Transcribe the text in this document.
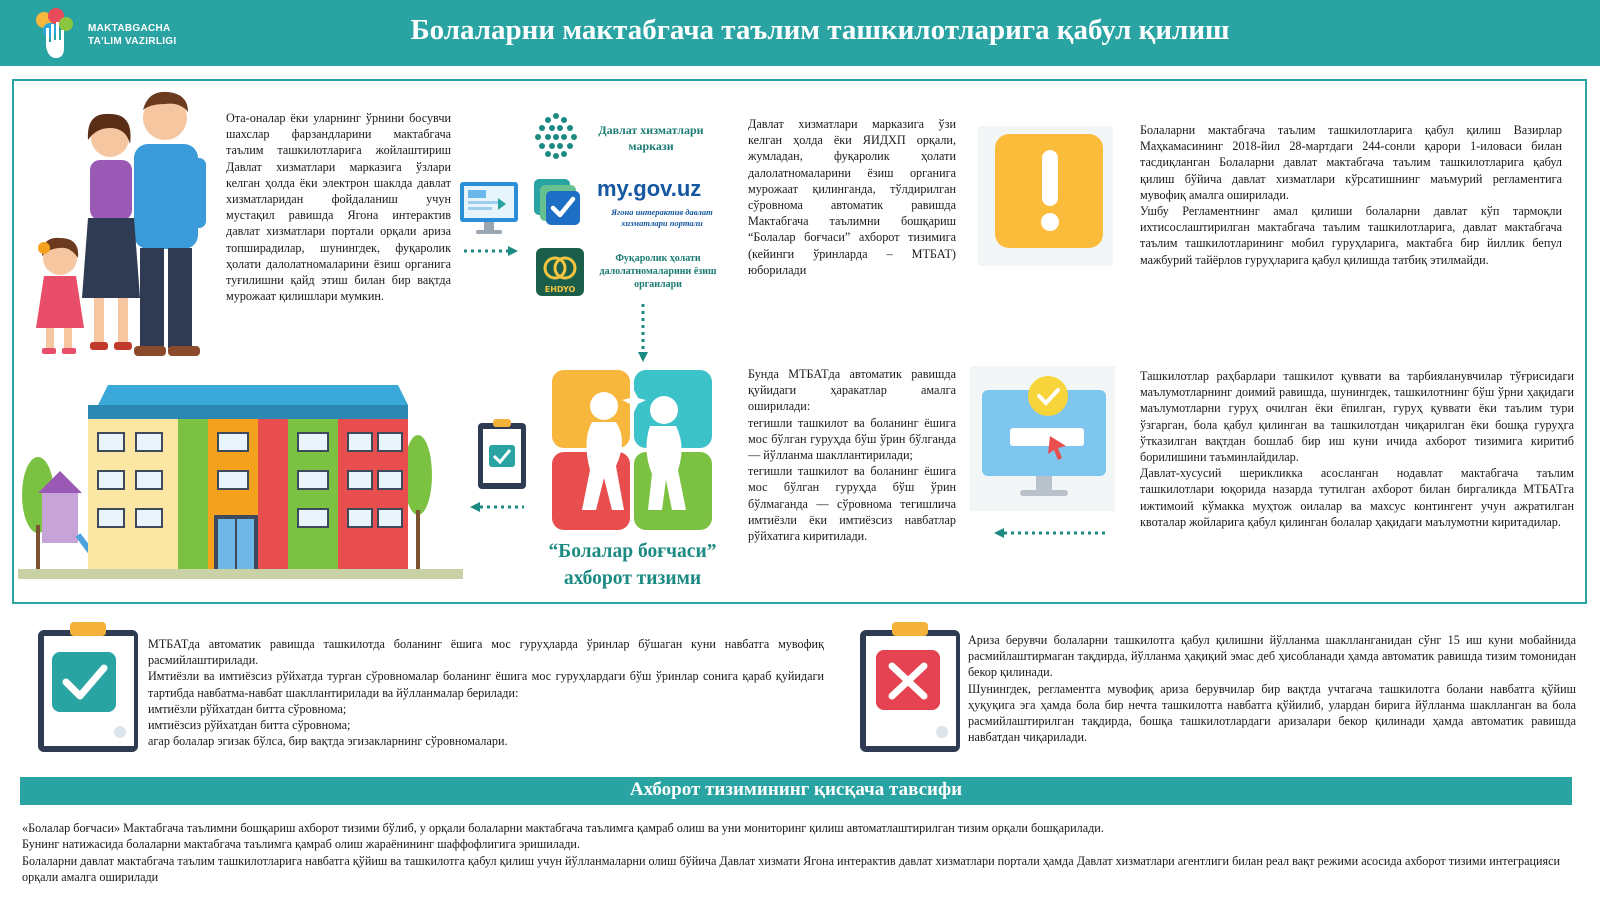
MAKTABGACHA
TA'LIM VAZIRLIGI	Болаларни мактабгача таълим ташкилотларига қабул қилиш
Ота-оналар ёки уларнинг ўрнини босувчи шахслар фарзандларини мактабгача таълим ташкилотларига жойлаштириш Давлат хизматлари марказига ўзлари келган ҳолда ёки электрон шаклда давлат хизматларидан фойдаланиш учун мустақил равишда Ягона интерактив давлат хизматлари портали орқали ариза топширадилар, шунингдек, фуқаролик ҳолати далолатномаларини ёзиш органига туғилишни қайд этиш билан бир вақтда мурожаат қилишлари мумкин.
Давлат хизматлари маркази
my.gov.uz
Ягона интерактив давлат хизматлари портали
EHDYO
Фуқаролик ҳолати далолатномаларини ёзиш органлари
Давлат хизматлари марказига ўзи келган ҳолда ёки ЯИДХП орқали, жумладан, фуқаролик ҳолати далолатномаларини ёзиш органига мурожаат қилинганда, тўлдирилган сўровнома автоматик равишда Мактабгача таълимни бошқариш “Болалар боғчаси” ахборот тизимига (кейинги ўринларда – МТБАТ) юборилади
Болаларни мактабгача таълим ташкилотларига қабул қилиш Вазирлар Маҳкамасининг 2018-йил 28-мартдаги 244-сонли қарори 1-иловаси билан тасдиқланган Болаларни давлат мактабгача таълим ташкилотларига қабул қилиш бўйича давлат хизматлари кўрсатишнинг маъмурий регламентига мувофиқ амалга оширилади.
Ушбу Регламентнинг амал қилиши болаларни давлат кўп тармоқли ихтисослаштирилган мактабгача таълим ташкилотларига, давлат мактабгача таълим ташкилотларининг мобил гуруҳларига, мактабга бир йиллик бепул мажбурий тайёрлов гуруҳларига қабул қилишда татбиқ этилмайди.
“Болалар боғчаси”
ахборот тизими
Бунда МТБАТда автоматик равишда қуйидаги ҳаракатлар амалга оширилади:
тегишли ташкилот ва боланинг ёшига мос бўлган гуруҳда бўш ўрин бўлганда — йўлланма шакллантирилади;
тегишли ташкилот ва боланинг ёшига мос бўлган гуруҳда бўш ўрин бўлмаганда — сўровнома тегишлича имтиёзли ёки имтиёзсиз навбатлар рўйхатига киритилади.
Ташкилотлар раҳбарлари ташкилот қуввати ва тарбияланувчилар тўғрисидаги маълумотларнинг доимий равишда, шунингдек, ташкилотнинг бўш ўрни ҳақидаги маълумотларни гуруҳ очилган ёки ёпилган, гуруҳ қуввати ёки таълим тури ўзгарган, бола қабул қилинган ва ташкилотдан чиқарилган ёки бошқа гуруҳга ўтказилган вақтдан бошлаб бир иш куни ичида ахборот тизимига киритиб борилишини таъминлайдилар.
Давлат-хусусий шерикликка асосланган нодавлат мактабгача таълим ташкилотлари юқорида назарда тутилган ахборот билан биргаликда МТБАТга ижтимоий кўмакка муҳтож оилалар ва махсус контингент учун ажратилган квоталар жойларига қабул қилинган болалар ҳақидаги маълумотни киритадилар.
МТБАТда автоматик равишда ташкилотда боланинг ёшига мос гуруҳларда ўринлар бўшаган куни навбатга мувофиқ расмийлаштирилади.
Имтиёзли ва имтиёзсиз рўйхатда турган сўровномалар боланинг ёшига мос гуруҳлардаги бўш ўринлар сонига қараб қуйидаги тартибда навбатма-навбат шакллантирилади ва йўлланмалар берилади:
имтиёзли рўйхатдан битта сўровнома;
имтиёзсиз рўйхатдан битта сўровнома;
агар болалар эгизак бўлса, бир вақтда эгизакларнинг сўровномалари.
Ариза берувчи болаларни ташкилотга қабул қилишни йўлланма шаклланганидан сўнг 15 иш куни мобайнида расмийлаштирмаган тақдирда, йўлланма ҳақиқий эмас деб ҳисобланади ҳамда автоматик равишда тизим томонидан бекор қилинади.
Шунингдек, регламентга мувофиқ ариза берувчилар бир вақтда учтагача ташкилотга болани навбатга қўйиш ҳуқуқига эга ҳамда бола бир нечта ташкилотга навбатга қўйилиб, улардан бирига йўлланма шаклланган ва бола расмийлаштирилган тақдирда, бошқа ташкилотлардаги аризалари бекор қилинади ҳамда автоматик равишда навбатдан чиқарилади.
Ахборот тизимининг қисқача тавсифи
«Болалар боғчаси» Мактабгача таълимни бошқариш ахборот тизими бўлиб, у орқали болаларни мактабгача таълимга қамраб олиш ва уни мониторинг қилиш автоматлаштирилган тизим орқали бошқарилади.
Бунинг натижасида болаларни мактабгача таълимга қамраб олиш жараёнининг шаффофлигига эришилади.
Болаларни давлат мактабгача таълим ташкилотларига навбатга қўйиш ва ташкилотга қабул қилиш учун йўлланмаларни олиш бўйича Давлат хизмати Ягона интерактив давлат хизматлари портали ҳамда Давлат хизматлари агентлиги билан реал вақт режими асосида ахборот тизими интеграцияси орқали амалга оширилади
